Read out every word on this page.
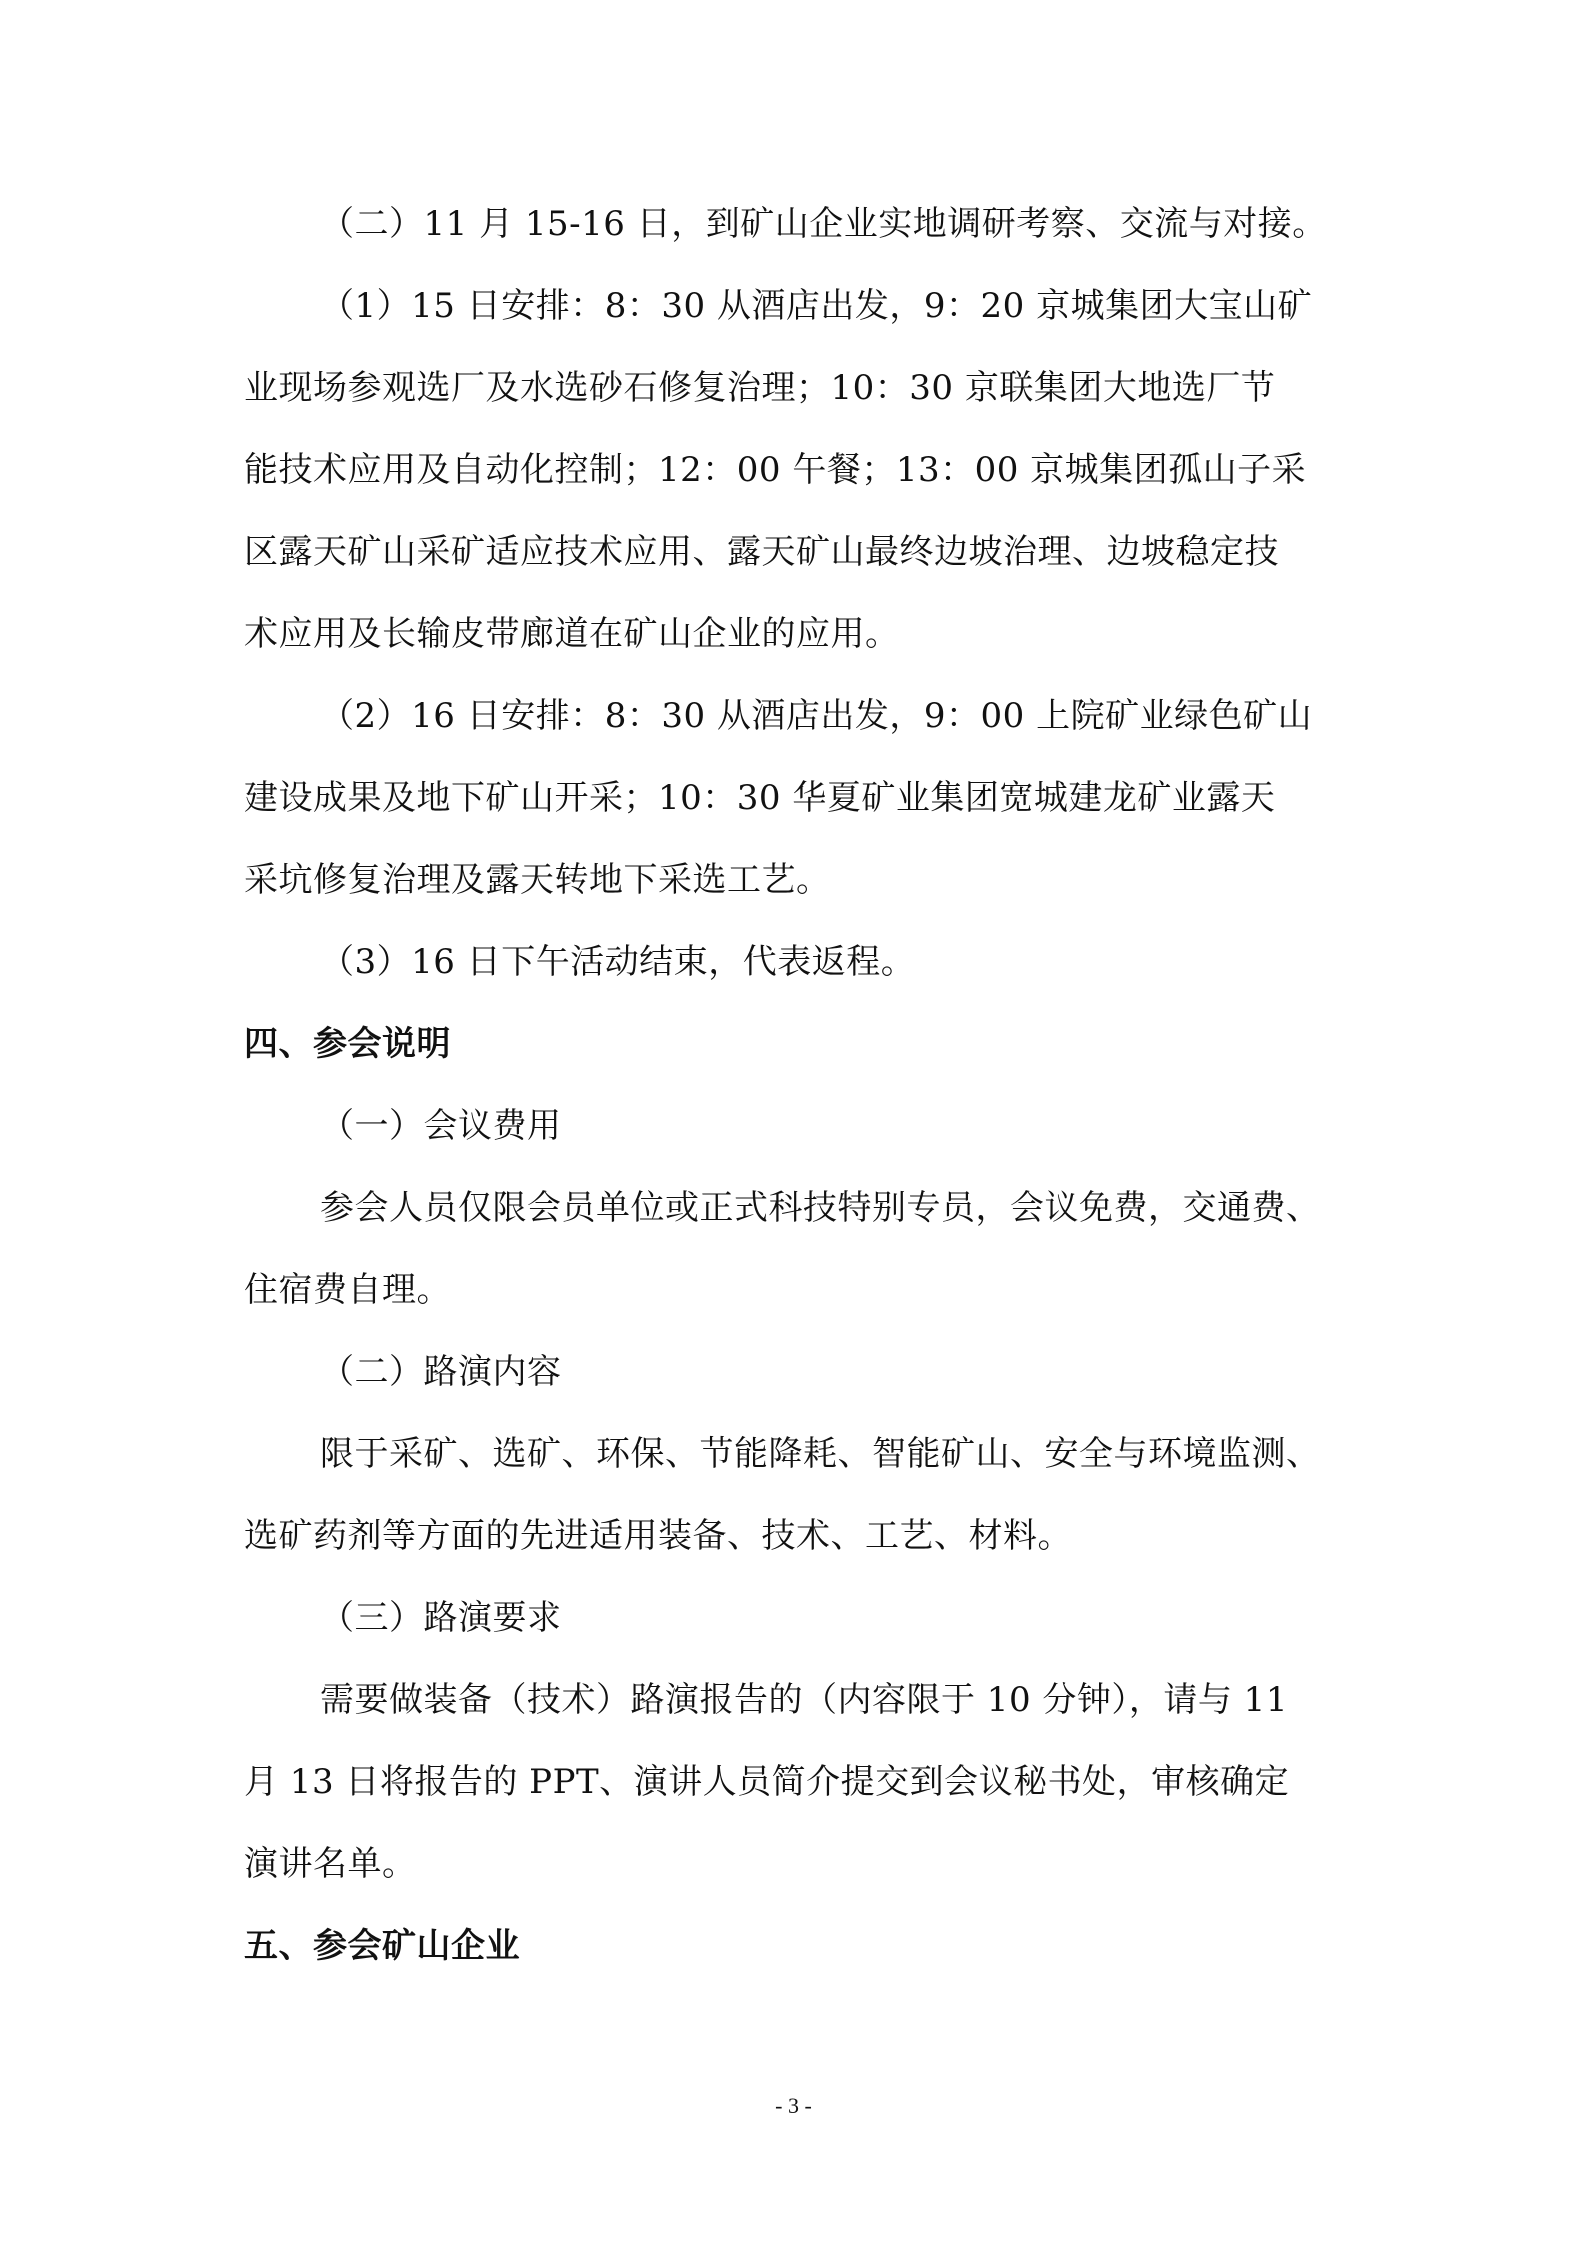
（二）11 月 15-16 日，到矿山企业实地调研考察、交流与对接。
（1）15 日安排：8：30 从酒店出发，9：20 京城集团大宝山矿
业现场参观选厂及水选砂石修复治理；10：30 京联集团大地选厂节
能技术应用及自动化控制；12：00 午餐；13：00 京城集团孤山子采
区露天矿山采矿适应技术应用、露天矿山最终边坡治理、边坡稳定技
术应用及长输皮带廊道在矿山企业的应用。
（2）16 日安排：8：30 从酒店出发，9：00 上院矿业绿色矿山
建设成果及地下矿山开采；10：30 华夏矿业集团宽城建龙矿业露天
采坑修复治理及露天转地下采选工艺。
（3）16 日下午活动结束，代表返程。
四、参会说明
（一）会议费用
参会人员仅限会员单位或正式科技特别专员，会议免费，交通费、
住宿费自理。
（二）路演内容
限于采矿、选矿、环保、节能降耗、智能矿山、安全与环境监测、
选矿药剂等方面的先进适用装备、技术、工艺、材料。
（三）路演要求
需要做装备（技术）路演报告的（内容限于 10 分钟），请与 11
月 13 日将报告的 PPT、演讲人员简介提交到会议秘书处，审核确定
演讲名单。
五、参会矿山企业
- 3 -
